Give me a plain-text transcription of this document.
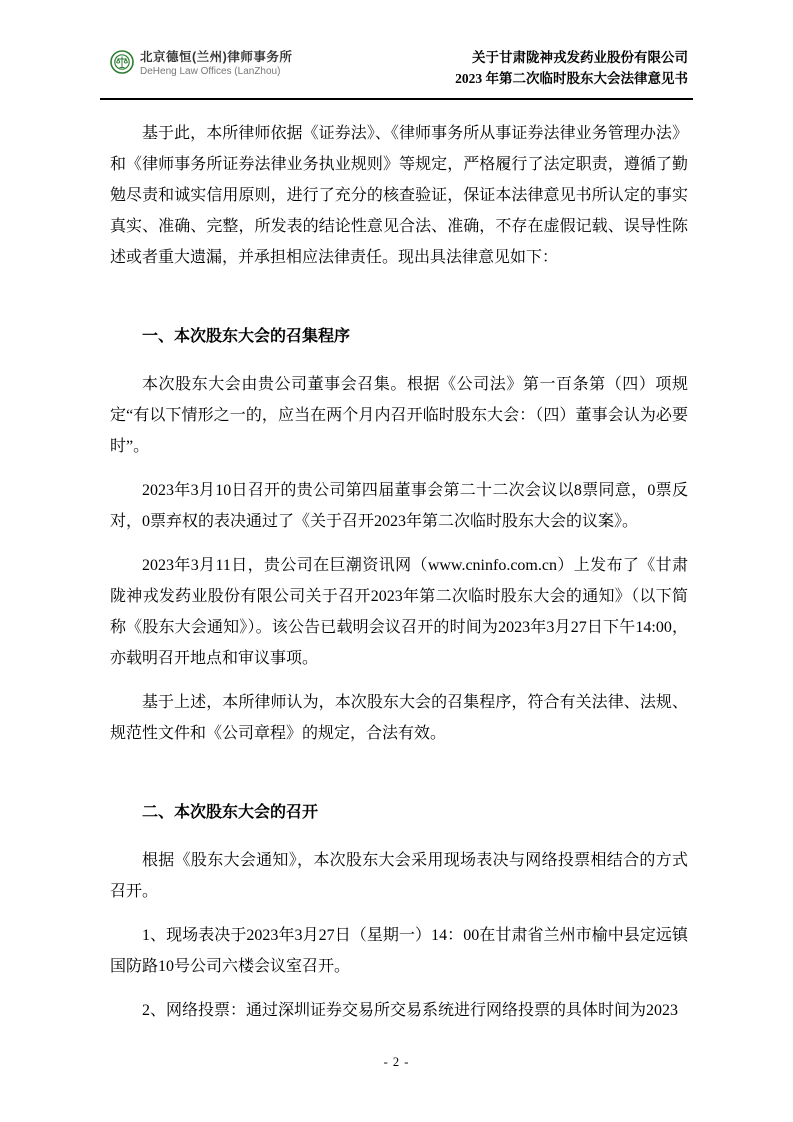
北京德恒(兰州)律师事务所
DeHeng Law Offices (LanZhou)
关于甘肃陇神戎发药业股份有限公司
2023 年第二次临时股东大会法律意见书

基于此，本所律师依据《证券法》、《律师事务所从事证券法律业务管理办法》和《律师事务所证券法律业务执业规则》等规定，严格履行了法定职责，遵循了勤勉尽责和诚实信用原则，进行了充分的核查验证，保证本法律意见书所认定的事实真实、准确、完整，所发表的结论性意见合法、准确，不存在虚假记载、误导性陈述或者重大遗漏，并承担相应法律责任。现出具法律意见如下：

一、本次股东大会的召集程序

本次股东大会由贵公司董事会召集。根据《公司法》第一百条第（四）项规定“有以下情形之一的，应当在两个月内召开临时股东大会：（四）董事会认为必要时”。

2023年3月10日召开的贵公司第四届董事会第二十二次会议以8票同意，0票反对，0票弃权的表决通过了《关于召开2023年第二次临时股东大会的议案》。

2023年3月11日，贵公司在巨潮资讯网（www.cninfo.com.cn）上发布了《甘肃陇神戎发药业股份有限公司关于召开2023年第二次临时股东大会的通知》（以下简称《股东大会通知》）。该公告已载明会议召开的时间为2023年3月27日下午14:00，亦载明召开地点和审议事项。

基于上述，本所律师认为，本次股东大会的召集程序，符合有关法律、法规、规范性文件和《公司章程》的规定，合法有效。

二、本次股东大会的召开

根据《股东大会通知》，本次股东大会采用现场表决与网络投票相结合的方式召开。

1、现场表决于2023年3月27日（星期一）14：00在甘肃省兰州市榆中县定远镇国防路10号公司六楼会议室召开。

2、网络投票：通过深圳证券交易所交易系统进行网络投票的具体时间为2023

- 2 -
